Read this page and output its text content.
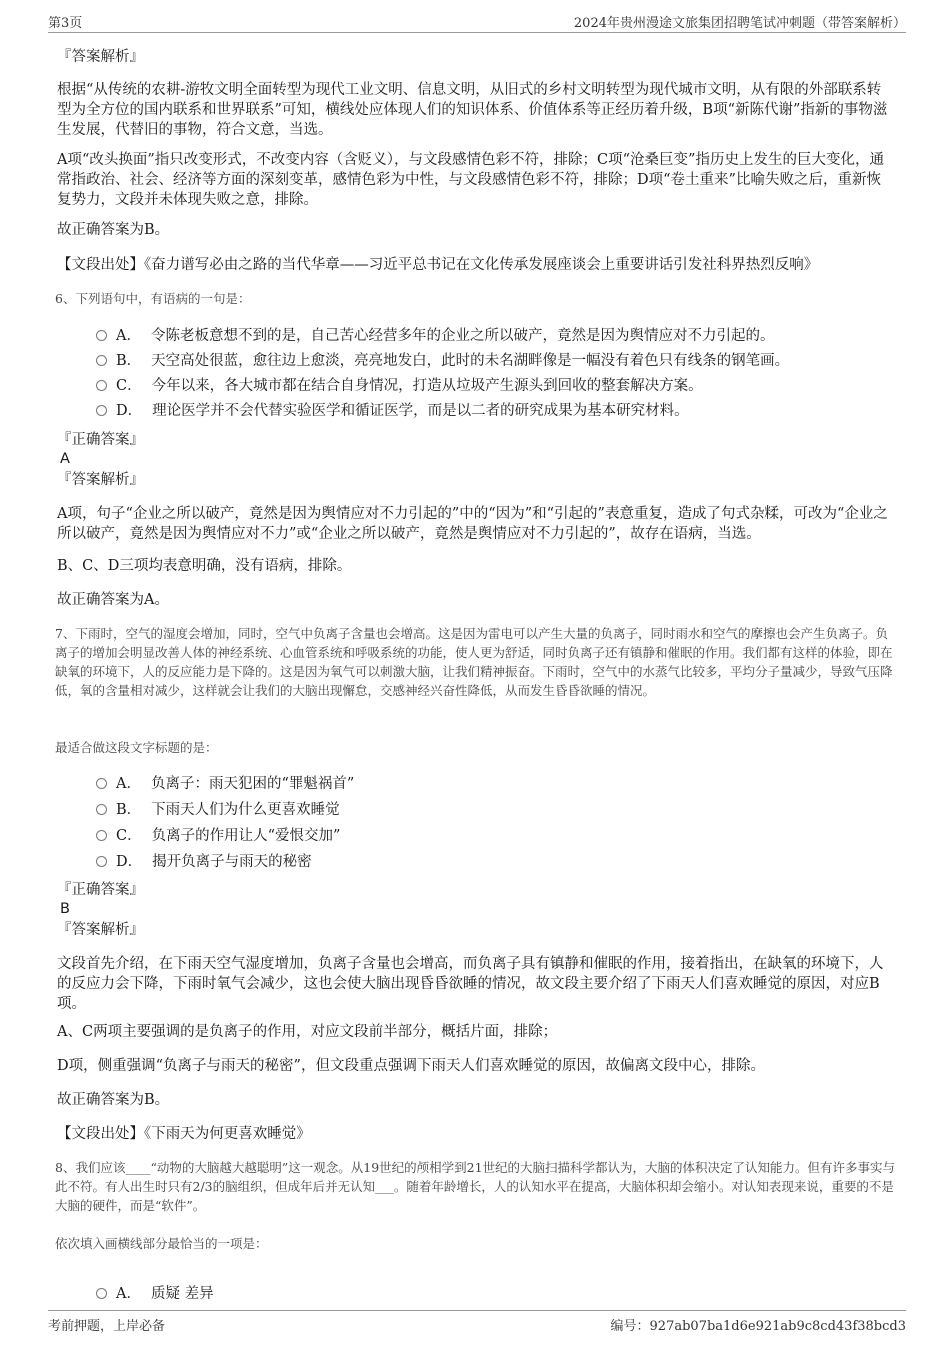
第3页	2024年贵州漫途文旅集团招聘笔试冲刺题（带答案解析）
『答案解析』
根据“从传统的农耕-游牧文明全面转型为现代工业文明、信息文明，从旧式的乡村文明转型为现代城市文明，从有限的外部联系转型为全方位的国内联系和世界联系”可知，横线处应体现人们的知识体系、价值体系等正经历着升级，B项“新陈代谢”指新的事物滋生发展，代替旧的事物，符合文意，当选。
A项“改头换面”指只改变形式，不改变内容（含贬义），与文段感情色彩不符，排除；C项“沧桑巨变”指历史上发生的巨大变化，通常指政治、社会、经济等方面的深刻变革，感情色彩为中性，与文段感情色彩不符，排除；D项“卷土重来”比喻失败之后，重新恢复势力，文段并未体现失败之意，排除。
故正确答案为B。
【文段出处】《奋力谱写必由之路的当代华章——习近平总书记在文化传承发展座谈会上重要讲话引发社科界热烈反响》
6、下列语句中，有语病的一句是：
A． 令陈老板意想不到的是，自己苦心经营多年的企业之所以破产，竟然是因为舆情应对不力引起的。
B． 天空高处很蓝，愈往边上愈淡，亮亮地发白，此时的未名湖畔像是一幅没有着色只有线条的钢笔画。
C． 今年以来，各大城市都在结合自身情况，打造从垃圾产生源头到回收的整套解决方案。
D． 理论医学并不会代替实验医学和循证医学，而是以二者的研究成果为基本研究材料。
『正确答案』
A
『答案解析』
A项，句子“企业之所以破产，竟然是因为舆情应对不力引起的”中的“因为”和“引起的”表意重复，造成了句式杂糅，可改为“企业之所以破产，竟然是因为舆情应对不力”或“企业之所以破产，竟然是舆情应对不力引起的”，故存在语病，当选。
B、C、D三项均表意明确，没有语病，排除。
故正确答案为A。
7、下雨时，空气的湿度会增加，同时，空气中负离子含量也会增高。这是因为雷电可以产生大量的负离子，同时雨水和空气的摩擦也会产生负离子。负离子的增加会明显改善人体的神经系统、心血管系统和呼吸系统的功能，使人更为舒适，同时负离子还有镇静和催眠的作用。我们都有这样的体验，即在缺氧的环境下，人的反应能力是下降的。这是因为氧气可以刺激大脑，让我们精神振奋。下雨时，空气中的水蒸气比较多，平均分子量减少，导致气压降低，氧的含量相对减少，这样就会让我们的大脑出现懈怠，交感神经兴奋性降低，从而发生昏昏欲睡的情况。
最适合做这段文字标题的是：
A． 负离子：雨天犯困的“罪魁祸首”
B． 下雨天人们为什么更喜欢睡觉
C． 负离子的作用让人“爱恨交加”
D． 揭开负离子与雨天的秘密
『正确答案』
B
『答案解析』
文段首先介绍，在下雨天空气湿度增加，负离子含量也会增高，而负离子具有镇静和催眠的作用，接着指出，在缺氧的环境下，人的反应力会下降，下雨时氧气会减少，这也会使大脑出现昏昏欲睡的情况，故文段主要介绍了下雨天人们喜欢睡觉的原因，对应B项。
A、C两项主要强调的是负离子的作用，对应文段前半部分，概括片面，排除；
D项，侧重强调“负离子与雨天的秘密”，但文段重点强调下雨天人们喜欢睡觉的原因，故偏离文段中心，排除。
故正确答案为B。
【文段出处】《下雨天为何更喜欢睡觉》
8、我们应该____“动物的大脑越大越聪明”这一观念。从19世纪的颅相学到21世纪的大脑扫描科学都认为，大脑的体积决定了认知能力。但有许多事实与此不符。有人出生时只有2/3的脑组织，但成年后并无认知___。随着年龄增长，人的认知水平在提高，大脑体积却会缩小。对认知表现来说，重要的不是大脑的硬件，而是“软件”。
依次填入画横线部分最恰当的一项是：
A． 质疑 差异
考前押题，上岸必备	编号：927ab07ba1d6e921ab9c8cd43f38bcd3
